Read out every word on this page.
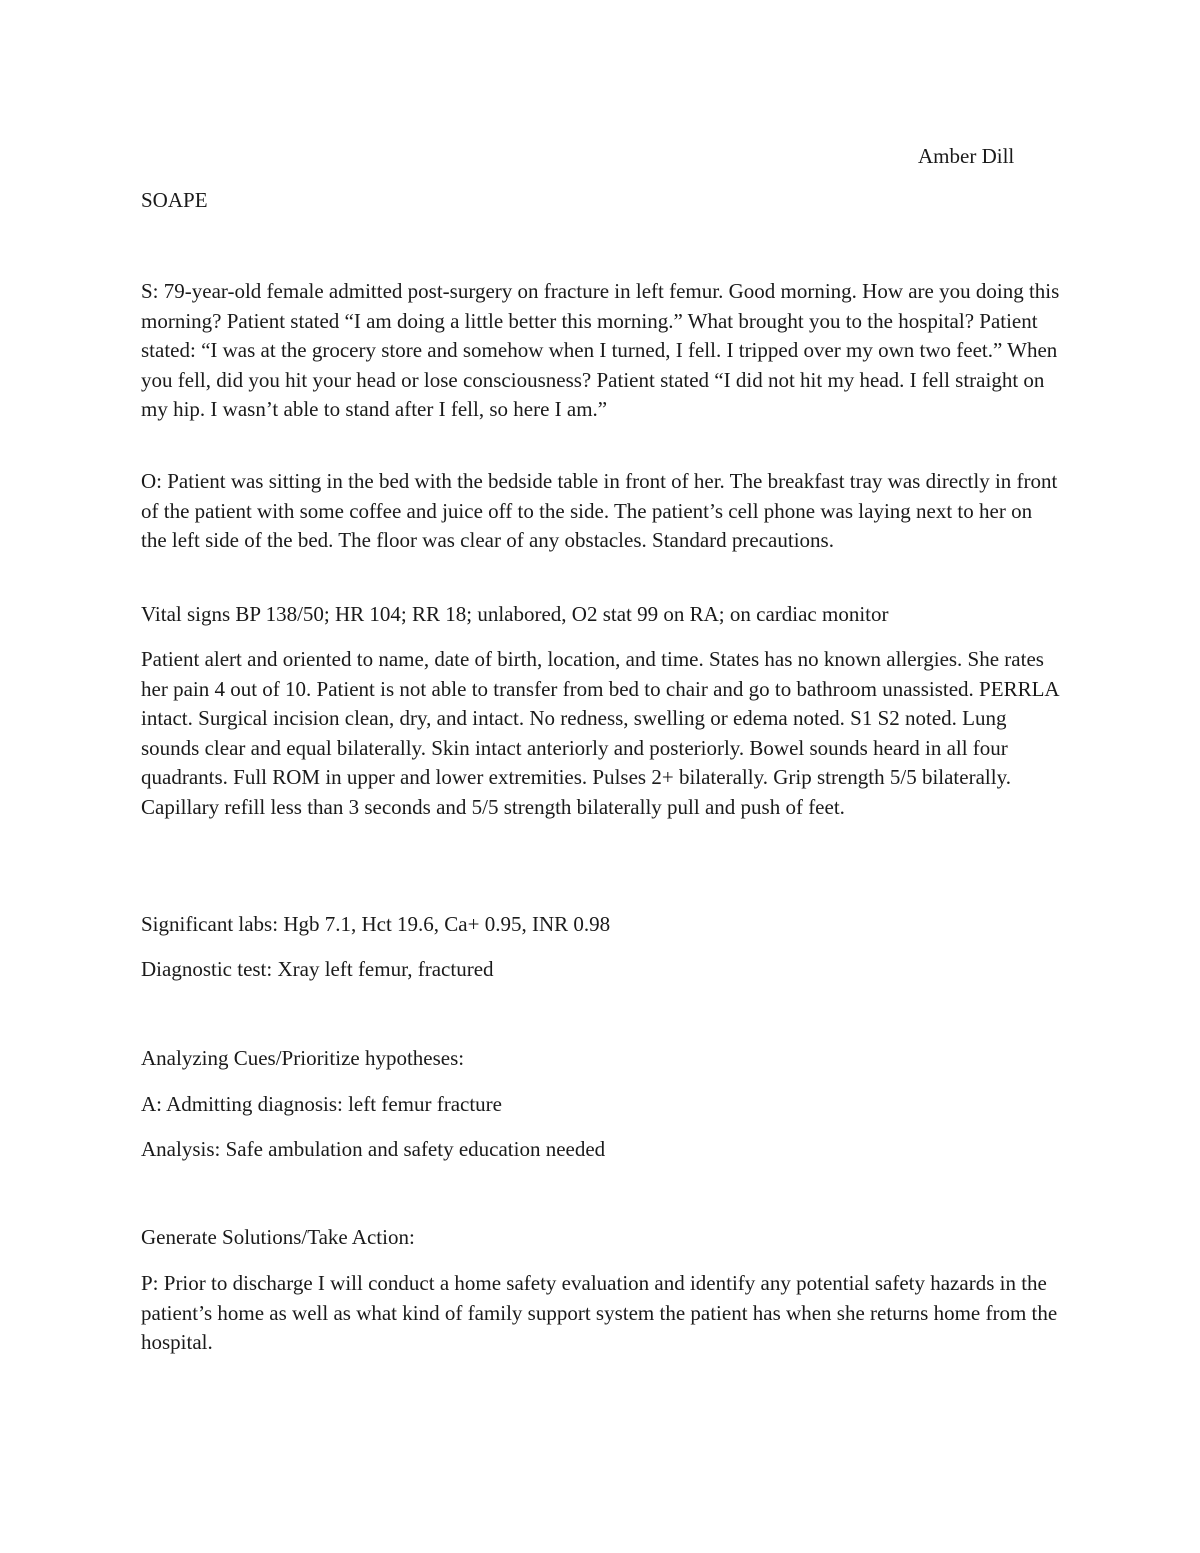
Amber Dill

SOAPE

S: 79-year-old female admitted post-surgery on fracture in left femur. Good morning. How are you doing this morning? Patient stated “I am doing a little better this morning.” What brought you to the hospital? Patient stated: “I was at the grocery store and somehow when I turned, I fell. I tripped over my own two feet.” When you fell, did you hit your head or lose consciousness? Patient stated “I did not hit my head. I fell straight on my hip. I wasn’t able to stand after I fell, so here I am.”

O: Patient was sitting in the bed with the bedside table in front of her. The breakfast tray was directly in front of the patient with some coffee and juice off to the side. The patient’s cell phone was laying next to her on the left side of the bed. The floor was clear of any obstacles. Standard precautions.

Vital signs BP 138/50; HR 104; RR 18; unlabored, O2 stat 99 on RA; on cardiac monitor

Patient alert and oriented to name, date of birth, location, and time. States has no known allergies. She rates her pain 4 out of 10. Patient is not able to transfer from bed to chair and go to bathroom unassisted. PERRLA intact. Surgical incision clean, dry, and intact. No redness, swelling or edema noted. S1 S2 noted. Lung sounds clear and equal bilaterally. Skin intact anteriorly and posteriorly. Bowel sounds heard in all four quadrants. Full ROM in upper and lower extremities. Pulses 2+ bilaterally. Grip strength 5/5 bilaterally. Capillary refill less than 3 seconds and 5/5 strength bilaterally pull and push of feet.

Significant labs: Hgb 7.1, Hct 19.6, Ca+ 0.95, INR 0.98

Diagnostic test: Xray left femur, fractured

Analyzing Cues/Prioritize hypotheses:

A: Admitting diagnosis: left femur fracture

Analysis: Safe ambulation and safety education needed

Generate Solutions/Take Action:

P: Prior to discharge I will conduct a home safety evaluation and identify any potential safety hazards in the patient’s home as well as what kind of family support system the patient has when she returns home from the hospital.
